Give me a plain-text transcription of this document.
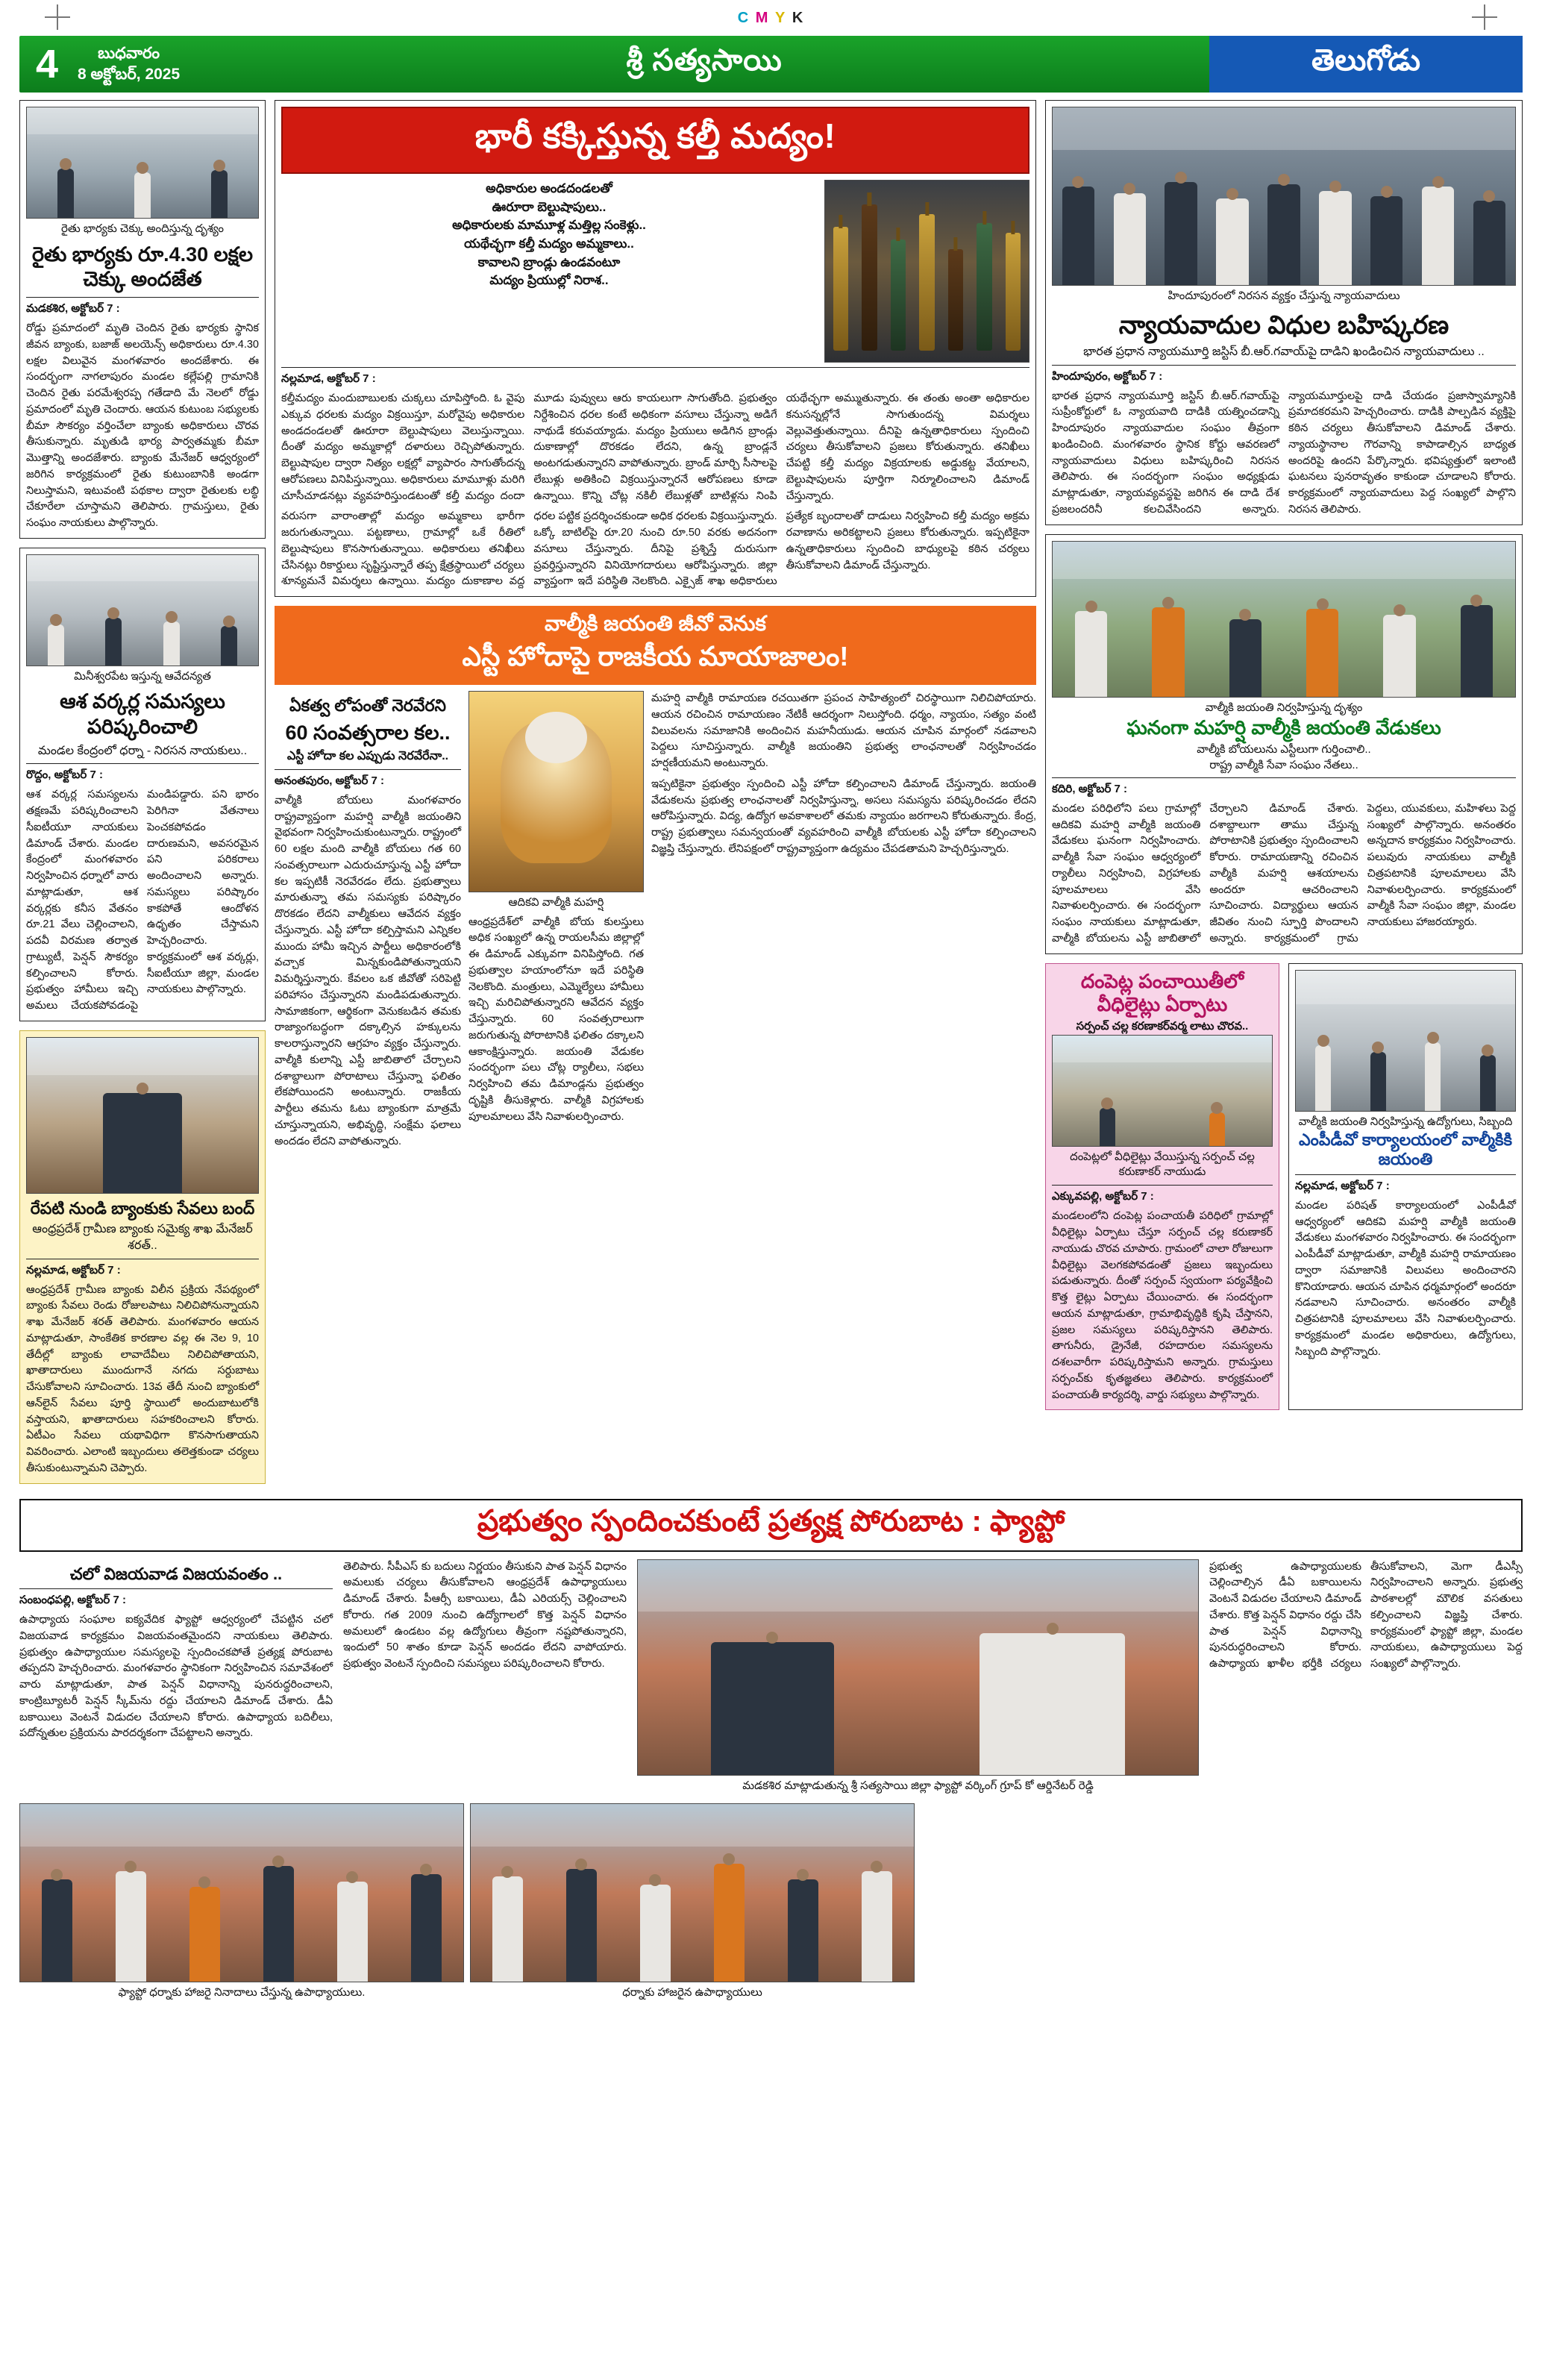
C M Y K
4	బుధవారం
8 అక్టోబర్, 2025	శ్రీ సత్యసాయి	తెలుగోడు
రైతు భార్యకు చెక్కు అందిస్తున్న దృశ్యం
రైతు భార్యకు రూ.4.30 లక్షల చెక్కు అందజేత
మడకశిర, అక్టోబర్ 7 :
రోడ్డు ప్రమాదంలో మృతి చెందిన రైతు భార్యకు స్థానిక జీవన బ్యాంకు, బజాజ్ అలయెన్స్ అధికారులు రూ.4.30 లక్షల విలువైన మంగళవారం అందజేశారు. ఈ సందర్భంగా నాగలాపురం మండల కల్లేపల్లి గ్రామానికి చెందిన రైతు పరమేశ్వరప్ప గతేడాది మే నెలలో రోడ్డు ప్రమాదంలో మృతి చెందారు. ఆయన కుటుంబ సభ్యులకు బీమా సౌకర్యం వర్తించేలా బ్యాంకు అధికారులు చొరవ తీసుకున్నారు. మృతుడి భార్య పార్వతమ్మకు బీమా మొత్తాన్ని అందజేశారు. బ్యాంకు మేనేజర్ ఆధ్వర్యంలో జరిగిన కార్యక్రమంలో రైతు కుటుంబానికి అండగా నిలుస్తామని, ఇటువంటి పథకాల ద్వారా రైతులకు లబ్ధి చేకూరేలా చూస్తామని తెలిపారు. గ్రామస్తులు, రైతు సంఘం నాయకులు పాల్గొన్నారు.
మినీశ్వరపేట ఇస్తున్న ఆవేదన్యత
ఆశ వర్కర్ల సమస్యలు పరిష్కరించాలి
మండల కేంద్రంలో ధర్నా - నిరసన నాయకులు..
రొద్దం, అక్టోబర్ 7 :
ఆశ వర్కర్ల సమస్యలను తక్షణమే పరిష్కరించాలని సీఐటీయూ నాయకులు డిమాండ్ చేశారు. మండల కేంద్రంలో మంగళవారం నిర్వహించిన ధర్నాలో వారు మాట్లాడుతూ, ఆశ వర్కర్లకు కనీస వేతనం రూ.21 వేలు చెల్లించాలని, పదవీ విరమణ తర్వాత గ్రాట్యుటీ, పెన్షన్ సౌకర్యం కల్పించాలని కోరారు. ప్రభుత్వం హామీలు ఇచ్చి అమలు చేయకపోవడంపై మండిపడ్డారు. పని భారం పెరిగినా వేతనాలు పెంచకపోవడం దారుణమని, అవసరమైన పని పరికరాలు అందించాలని అన్నారు. సమస్యలు పరిష్కారం కాకపోతే ఆందోళన ఉధృతం చేస్తామని హెచ్చరించారు. కార్యక్రమంలో ఆశ వర్కర్లు, సీఐటీయూ జిల్లా, మండల నాయకులు పాల్గొన్నారు.
రేపటి నుండి బ్యాంకుకు సేవలు బంద్
ఆంధ్రప్రదేశ్ గ్రామీణ బ్యాంకు సమైక్య శాఖ మేనేజర్ శరత్..
నల్లమాడ, అక్టోబర్ 7 :
ఆంధ్రప్రదేశ్ గ్రామీణ బ్యాంకు విలీన ప్రక్రియ నేపథ్యంలో బ్యాంకు సేవలు రెండు రోజులపాటు నిలిచిపోనున్నాయని శాఖ మేనేజర్ శరత్ తెలిపారు. మంగళవారం ఆయన మాట్లాడుతూ, సాంకేతిక కారణాల వల్ల ఈ నెల 9, 10 తేదీల్లో బ్యాంకు లావాదేవీలు నిలిచిపోతాయని, ఖాతాదారులు ముందుగానే నగదు సర్దుబాటు చేసుకోవాలని సూచించారు. 13వ తేదీ నుంచి బ్యాంకులో ఆన్‌లైన్ సేవలు పూర్తి స్థాయిలో అందుబాటులోకి వస్తాయని, ఖాతాదారులు సహకరించాలని కోరారు. ఏటీఎం సేవలు యథావిధిగా కొనసాగుతాయని వివరించారు. ఎలాంటి ఇబ్బందులు తలెత్తకుండా చర్యలు తీసుకుంటున్నామని చెప్పారు.
భారీ కక్కిస్తున్న కల్తీ మద్యం!
అధికారుల అండదండలతో
ఊరూరా బెల్టుషాపులు..
అధికారులకు మామూళ్ల మత్తిల్ల సంకెళ్లు..
యథేచ్ఛగా కల్తీ మద్యం అమ్మకాలు..
కావాలని బ్రాండ్లు ఉండవంటూ
మద్యం ప్రియుల్లో నిరాశ..
నల్లమాడ, అక్టోబర్ 7 :
కల్తీమద్యం మందుబాబులకు చుక్కలు చూపిస్తోంది. ఓ వైపు ఎక్కువ ధరలకు మద్యం విక్రయిస్తూ, మరోవైపు అధికారుల అండదండలతో ఊరూరా బెల్టుషాపులు వెలుస్తున్నాయి. దీంతో మద్యం అమ్మకాల్లో దళారులు రెచ్చిపోతున్నారు. బెల్టుషాపుల ద్వారా నిత్యం లక్షల్లో వ్యాపారం సాగుతోందన్న ఆరోపణలు వినిపిస్తున్నాయి. అధికారులు మామూళ్లు మరిగి చూసీచూడనట్లు వ్యవహరిస్తుండటంతో కల్తీ మద్యం దందా మూడు పువ్వులు ఆరు కాయలుగా సాగుతోంది. ప్రభుత్వం నిర్దేశించిన ధరల కంటే అధికంగా వసూలు చేస్తున్నా అడిగే నాథుడే కరువయ్యాడు. మద్యం ప్రియులు అడిగిన బ్రాండ్లు దుకాణాల్లో దొరకడం లేదని, ఉన్న బ్రాండ్లనే అంటగడుతున్నారని వాపోతున్నారు. బ్రాండ్ మార్చి సీసాలపై లేబుళ్లు అతికించి విక్రయిస్తున్నారనే ఆరోపణలు కూడా ఉన్నాయి. కొన్ని చోట్ల నకిలీ లేబుళ్లతో బాటిళ్లను నింపి యథేచ్ఛగా అమ్ముతున్నారు. ఈ తంతు అంతా అధికారుల కనుసన్నల్లోనే సాగుతుందన్న విమర్శలు వెల్లువెత్తుతున్నాయి. దీనిపై ఉన్నతాధికారులు స్పందించి చర్యలు తీసుకోవాలని ప్రజలు కోరుతున్నారు. తనిఖీలు చేపట్టి కల్తీ మద్యం విక్రయాలకు అడ్డుకట్ట వేయాలని, బెల్టుషాపులను పూర్తిగా నిర్మూలించాలని డిమాండ్ చేస్తున్నారు.
వరుసగా వారాంతాల్లో మద్యం అమ్మకాలు భారీగా జరుగుతున్నాయి. పట్టణాలు, గ్రామాల్లో ఒకే రీతిలో బెల్టుషాపులు కొనసాగుతున్నాయి. అధికారులు తనిఖీలు చేసినట్లు రికార్డులు సృష్టిస్తున్నారే తప్ప క్షేత్రస్థాయిలో చర్యలు శూన్యమనే విమర్శలు ఉన్నాయి. మద్యం దుకాణాల వద్ద ధరల పట్టిక ప్రదర్శించకుండా అధిక ధరలకు విక్రయిస్తున్నారు. ఒక్కో బాటిల్‌పై రూ.20 నుంచి రూ.50 వరకు అదనంగా వసూలు చేస్తున్నారు. దీనిపై ప్రశ్నిస్తే దురుసుగా ప్రవర్తిస్తున్నారని వినియోగదారులు ఆరోపిస్తున్నారు. జిల్లా వ్యాప్తంగా ఇదే పరిస్థితి నెలకొంది. ఎక్సైజ్ శాఖ అధికారులు ప్రత్యేక బృందాలతో దాడులు నిర్వహించి కల్తీ మద్యం అక్రమ రవాణాను అరికట్టాలని ప్రజలు కోరుతున్నారు. ఇప్పటికైనా ఉన్నతాధికారులు స్పందించి బాధ్యులపై కఠిన చర్యలు తీసుకోవాలని డిమాండ్ చేస్తున్నారు.
వాల్మీకి జయంతి జీవో వెనుక
ఎస్టీ హోదాపై రాజకీయ మాయాజాలం!
ఏకత్వ లోపంతో నెరవేరని
60 సంవత్సరాల కల..
ఎస్టీ హోదా కల ఎప్పుడు నెరవేరేనా..
అనంతపురం, అక్టోబర్ 7 :
వాల్మీకి బోయలు మంగళవారం రాష్ట్రవ్యాప్తంగా మహర్షి వాల్మీకి జయంతిని వైభవంగా నిర్వహించుకుంటున్నారు. రాష్ట్రంలో 60 లక్షల మంది వాల్మీకి బోయలు గత 60 సంవత్సరాలుగా ఎదురుచూస్తున్న ఎస్టీ హోదా కల ఇప్పటికీ నెరవేరడం లేదు. ప్రభుత్వాలు మారుతున్నా తమ సమస్యకు పరిష్కారం దొరకడం లేదని వాల్మీకులు ఆవేదన వ్యక్తం చేస్తున్నారు. ఎస్టీ హోదా కల్పిస్తామని ఎన్నికల ముందు హామీ ఇచ్చిన పార్టీలు అధికారంలోకి వచ్చాక మిన్నకుండిపోతున్నాయని విమర్శిస్తున్నారు. కేవలం ఒక జీవోతో సరిపెట్టి పరిహాసం చేస్తున్నారని మండిపడుతున్నారు. సామాజికంగా, ఆర్థికంగా వెనుకబడిన తమకు రాజ్యాంగబద్ధంగా దక్కాల్సిన హక్కులను కాలరాస్తున్నారని ఆగ్రహం వ్యక్తం చేస్తున్నారు. వాల్మీకి కులాన్ని ఎస్టీ జాబితాలో చేర్చాలని దశాబ్దాలుగా పోరాటాలు చేస్తున్నా ఫలితం లేకపోయిందని అంటున్నారు. రాజకీయ పార్టీలు తమను ఓటు బ్యాంకుగా మాత్రమే చూస్తున్నాయని, అభివృద్ధి, సంక్షేమ ఫలాలు అందడం లేదని వాపోతున్నారు.
ఆదికవి వాల్మీకి మహర్షి
ఆంధ్రప్రదేశ్‌లో వాల్మీకి బోయ కులస్తులు అధిక సంఖ్యలో ఉన్న రాయలసీమ జిల్లాల్లో ఈ డిమాండ్ ఎక్కువగా వినిపిస్తోంది. గత ప్రభుత్వాల హయాంలోనూ ఇదే పరిస్థితి నెలకొంది. మంత్రులు, ఎమ్మెల్యేలు హామీలు ఇచ్చి మరిచిపోతున్నారని ఆవేదన వ్యక్తం చేస్తున్నారు. 60 సంవత్సరాలుగా జరుగుతున్న పోరాటానికి ఫలితం దక్కాలని ఆకాంక్షిస్తున్నారు. జయంతి వేడుకల సందర్భంగా పలు చోట్ల ర్యాలీలు, సభలు నిర్వహించి తమ డిమాండ్లను ప్రభుత్వం దృష్టికి తీసుకెళ్లారు. వాల్మీకి విగ్రహాలకు పూలమాలలు వేసి నివాళులర్పించారు.
మహర్షి వాల్మీకి రామాయణ రచయితగా ప్రపంచ సాహిత్యంలో చిరస్థాయిగా నిలిచిపోయారు. ఆయన రచించిన రామాయణం నేటికీ ఆదర్శంగా నిలుస్తోంది. ధర్మం, న్యాయం, సత్యం వంటి విలువలను సమాజానికి అందించిన మహనీయుడు. ఆయన చూపిన మార్గంలో నడవాలని పెద్దలు సూచిస్తున్నారు. వాల్మీకి జయంతిని ప్రభుత్వ లాంఛనాలతో నిర్వహించడం హర్షణీయమని అంటున్నారు.
ఇప్పటికైనా ప్రభుత్వం స్పందించి ఎస్టీ హోదా కల్పించాలని డిమాండ్ చేస్తున్నారు. జయంతి వేడుకలను ప్రభుత్వ లాంఛనాలతో నిర్వహిస్తున్నా, అసలు సమస్యను పరిష్కరించడం లేదని ఆరోపిస్తున్నారు. విద్య, ఉద్యోగ అవకాశాలలో తమకు న్యాయం జరగాలని కోరుతున్నారు. కేంద్ర, రాష్ట్ర ప్రభుత్వాలు సమన్వయంతో వ్యవహరించి వాల్మీకి బోయలకు ఎస్టీ హోదా కల్పించాలని విజ్ఞప్తి చేస్తున్నారు. లేనిపక్షంలో రాష్ట్రవ్యాప్తంగా ఉద్యమం చేపడతామని హెచ్చరిస్తున్నారు.
హిందూపురంలో నిరసన వ్యక్తం చేస్తున్న న్యాయవాదులు
న్యాయవాదుల విధుల బహిష్కరణ
భారత ప్రధాన న్యాయమూర్తి జస్టిస్ బీ.ఆర్.గవాయ్‌పై దాడిని ఖండించిన న్యాయవాదులు ..
హిందూపురం, అక్టోబర్ 7 :
భారత ప్రధాన న్యాయమూర్తి జస్టిస్ బీ.ఆర్.గవాయ్‌పై సుప్రీంకోర్టులో ఓ న్యాయవాది దాడికి యత్నించడాన్ని హిందూపురం న్యాయవాదుల సంఘం తీవ్రంగా ఖండించింది. మంగళవారం స్థానిక కోర్టు ఆవరణలో న్యాయవాదులు విధులు బహిష్కరించి నిరసన తెలిపారు. ఈ సందర్భంగా సంఘం అధ్యక్షుడు మాట్లాడుతూ, న్యాయవ్యవస్థపై జరిగిన ఈ దాడి దేశ ప్రజలందరినీ కలచివేసిందని అన్నారు. న్యాయమూర్తులపై దాడి చేయడం ప్రజాస్వామ్యానికి ప్రమాదకరమని హెచ్చరించారు. దాడికి పాల్పడిన వ్యక్తిపై కఠిన చర్యలు తీసుకోవాలని డిమాండ్ చేశారు. న్యాయస్థానాల గౌరవాన్ని కాపాడాల్సిన బాధ్యత అందరిపై ఉందని పేర్కొన్నారు. భవిష్యత్తులో ఇలాంటి ఘటనలు పునరావృతం కాకుండా చూడాలని కోరారు. కార్యక్రమంలో న్యాయవాదులు పెద్ద సంఖ్యలో పాల్గొని నిరసన తెలిపారు.
వాల్మీకి జయంతి నిర్వహిస్తున్న దృశ్యం
ఘనంగా మహర్షి వాల్మీకి జయంతి వేడుకలు
వాల్మీకి బోయలును ఎస్టీలుగా గుర్తించాలి..
రాష్ట్ర వాల్మీకి సేవా సంఘం నేతలు..
కదిరి, అక్టోబర్ 7 :
మండల పరిధిలోని పలు గ్రామాల్లో ఆదికవి మహర్షి వాల్మీకి జయంతి వేడుకలు ఘనంగా నిర్వహించారు. వాల్మీకి సేవా సంఘం ఆధ్వర్యంలో ర్యాలీలు నిర్వహించి, విగ్రహాలకు పూలమాలలు వేసి నివాళులర్పించారు. ఈ సందర్భంగా సంఘం నాయకులు మాట్లాడుతూ, వాల్మీకి బోయలను ఎస్టీ జాబితాలో చేర్చాలని డిమాండ్ చేశారు. దశాబ్దాలుగా తాము చేస్తున్న పోరాటానికి ప్రభుత్వం స్పందించాలని కోరారు. రామాయణాన్ని రచించిన వాల్మీకి మహర్షి ఆశయాలను అందరూ ఆచరించాలని సూచించారు. విద్యార్థులు ఆయన జీవితం నుంచి స్ఫూర్తి పొందాలని అన్నారు. కార్యక్రమంలో గ్రామ పెద్దలు, యువకులు, మహిళలు పెద్ద సంఖ్యలో పాల్గొన్నారు. అనంతరం అన్నదాన కార్యక్రమం నిర్వహించారు. పలువురు నాయకులు వాల్మీకి చిత్రపటానికి పూలమాలలు వేసి నివాళులర్పించారు. కార్యక్రమంలో వాల్మీకి సేవా సంఘం జిల్లా, మండల నాయకులు హాజరయ్యారు.
దంపెట్ల పంచాయితీలో వీధిలైట్లు ఏర్పాటు
సర్పంచ్ చల్ల కరణాకర్‌వర్మ లాటు చొరవ..
దంపెట్లలో వీధిలైట్లు వేయిస్తున్న సర్పంచ్ చల్ల కరుణాకర్ నాయుడు
ఎక్కువపల్లి, అక్టోబర్ 7 :
మండలంలోని దంపెట్ల పంచాయతీ పరిధిలో గ్రామాల్లో వీధిలైట్లు ఏర్పాటు చేస్తూ సర్పంచ్ చల్ల కరుణాకర్ నాయుడు చొరవ చూపారు. గ్రామంలో చాలా రోజులుగా వీధిలైట్లు వెలగకపోవడంతో ప్రజలు ఇబ్బందులు పడుతున్నారు. దీంతో సర్పంచ్ స్వయంగా పర్యవేక్షించి కొత్త లైట్లు ఏర్పాటు చేయించారు. ఈ సందర్భంగా ఆయన మాట్లాడుతూ, గ్రామాభివృద్ధికి కృషి చేస్తానని, ప్రజల సమస్యలు పరిష్కరిస్తానని తెలిపారు. తాగునీరు, డ్రైనేజీ, రహదారుల సమస్యలను దశలవారీగా పరిష్కరిస్తామని అన్నారు. గ్రామస్తులు సర్పంచ్‌కు కృతజ్ఞతలు తెలిపారు. కార్యక్రమంలో పంచాయతీ కార్యదర్శి, వార్డు సభ్యులు పాల్గొన్నారు.
వాల్మీకి జయంతి నిర్వహిస్తున్న ఉద్యోగులు, సిబ్బంది
ఎంపీడీవో కార్యాలయంలో వాల్మీకికి జయంతి
నల్లమాడ, అక్టోబర్ 7 :
మండల పరిషత్ కార్యాలయంలో ఎంపీడీవో ఆధ్వర్యంలో ఆదికవి మహర్షి వాల్మీకి జయంతి వేడుకలు మంగళవారం నిర్వహించారు. ఈ సందర్భంగా ఎంపీడీవో మాట్లాడుతూ, వాల్మీకి మహర్షి రామాయణం ద్వారా సమాజానికి విలువలు అందించారని కొనియాడారు. ఆయన చూపిన ధర్మమార్గంలో అందరూ నడవాలని సూచించారు. అనంతరం వాల్మీకి చిత్రపటానికి పూలమాలలు వేసి నివాళులర్పించారు. కార్యక్రమంలో మండల అధికారులు, ఉద్యోగులు, సిబ్బంది పాల్గొన్నారు.
ప్రభుత్వం స్పందించకుంటే ప్రత్యక్ష పోరుబాట : ఫ్యాప్టో
చలో విజయవాడ విజయవంతం ..
సంబంధపల్లి, అక్టోబర్ 7 :
ఉపాధ్యాయ సంఘాల ఐక్యవేదిక ఫ్యాప్టో ఆధ్వర్యంలో చేపట్టిన చలో విజయవాడ కార్యక్రమం విజయవంతమైందని నాయకులు తెలిపారు. ప్రభుత్వం ఉపాధ్యాయుల సమస్యలపై స్పందించకపోతే ప్రత్యక్ష పోరుబాట తప్పదని హెచ్చరించారు. మంగళవారం స్థానికంగా నిర్వహించిన సమావేశంలో వారు మాట్లాడుతూ, పాత పెన్షన్ విధానాన్ని పునరుద్ధరించాలని, కాంట్రిబ్యూటరీ పెన్షన్ స్కీమ్‌ను రద్దు చేయాలని డిమాండ్ చేశారు. డీఏ బకాయిలు వెంటనే విడుదల చేయాలని కోరారు. ఉపాధ్యాయ బదిలీలు, పదోన్నతుల ప్రక్రియను పారదర్శకంగా చేపట్టాలని అన్నారు.
తెలిపారు. సీపీఎస్ కు బదులు నిర్ణయం తీసుకుని పాత పెన్షన్ విధానం అమలుకు చర్యలు తీసుకోవాలని ఆంధ్రప్రదేశ్ ఉపాధ్యాయులు డిమాండ్ చేశారు. పీఆర్సీ బకాయిలు, డీఏ ఎరియర్స్ చెల్లించాలని కోరారు. గత 2009 నుంచి ఉద్యోగాలలో కొత్త పెన్షన్ విధానం అమలులో ఉండటం వల్ల ఉద్యోగులు తీవ్రంగా నష్టపోతున్నారని, ఇందులో 50 శాతం కూడా పెన్షన్ అందడం లేదని వాపోయారు. ప్రభుత్వం వెంటనే స్పందించి సమస్యలు పరిష్కరించాలని కోరారు.
మడకశిర మాట్లాడుతున్న శ్రీ సత్యసాయి జిల్లా ఫ్యాప్టో వర్కింగ్ గ్రూప్ కో ఆర్డినేటర్ రెడ్డి
ప్రభుత్వ ఉపాధ్యాయులకు చెల్లించాల్సిన డీఏ బకాయిలను వెంటనే విడుదల చేయాలని డిమాండ్ చేశారు. కొత్త పెన్షన్ విధానం రద్దు చేసి పాత పెన్షన్ విధానాన్ని పునరుద్ధరించాలని కోరారు. ఉపాధ్యాయ ఖాళీల భర్తీకి చర్యలు తీసుకోవాలని, మెగా డీఎస్సీ నిర్వహించాలని అన్నారు. ప్రభుత్వ పాఠశాలల్లో మౌలిక వసతులు కల్పించాలని విజ్ఞప్తి చేశారు. కార్యక్రమంలో ఫ్యాప్టో జిల్లా, మండల నాయకులు, ఉపాధ్యాయులు పెద్ద సంఖ్యలో పాల్గొన్నారు.
ఫ్యాప్టో ధర్నాకు హాజరై నినాదాలు చేస్తున్న ఉపాధ్యాయులు.	ధర్నాకు హాజరైన ఉపాధ్యాయులు
